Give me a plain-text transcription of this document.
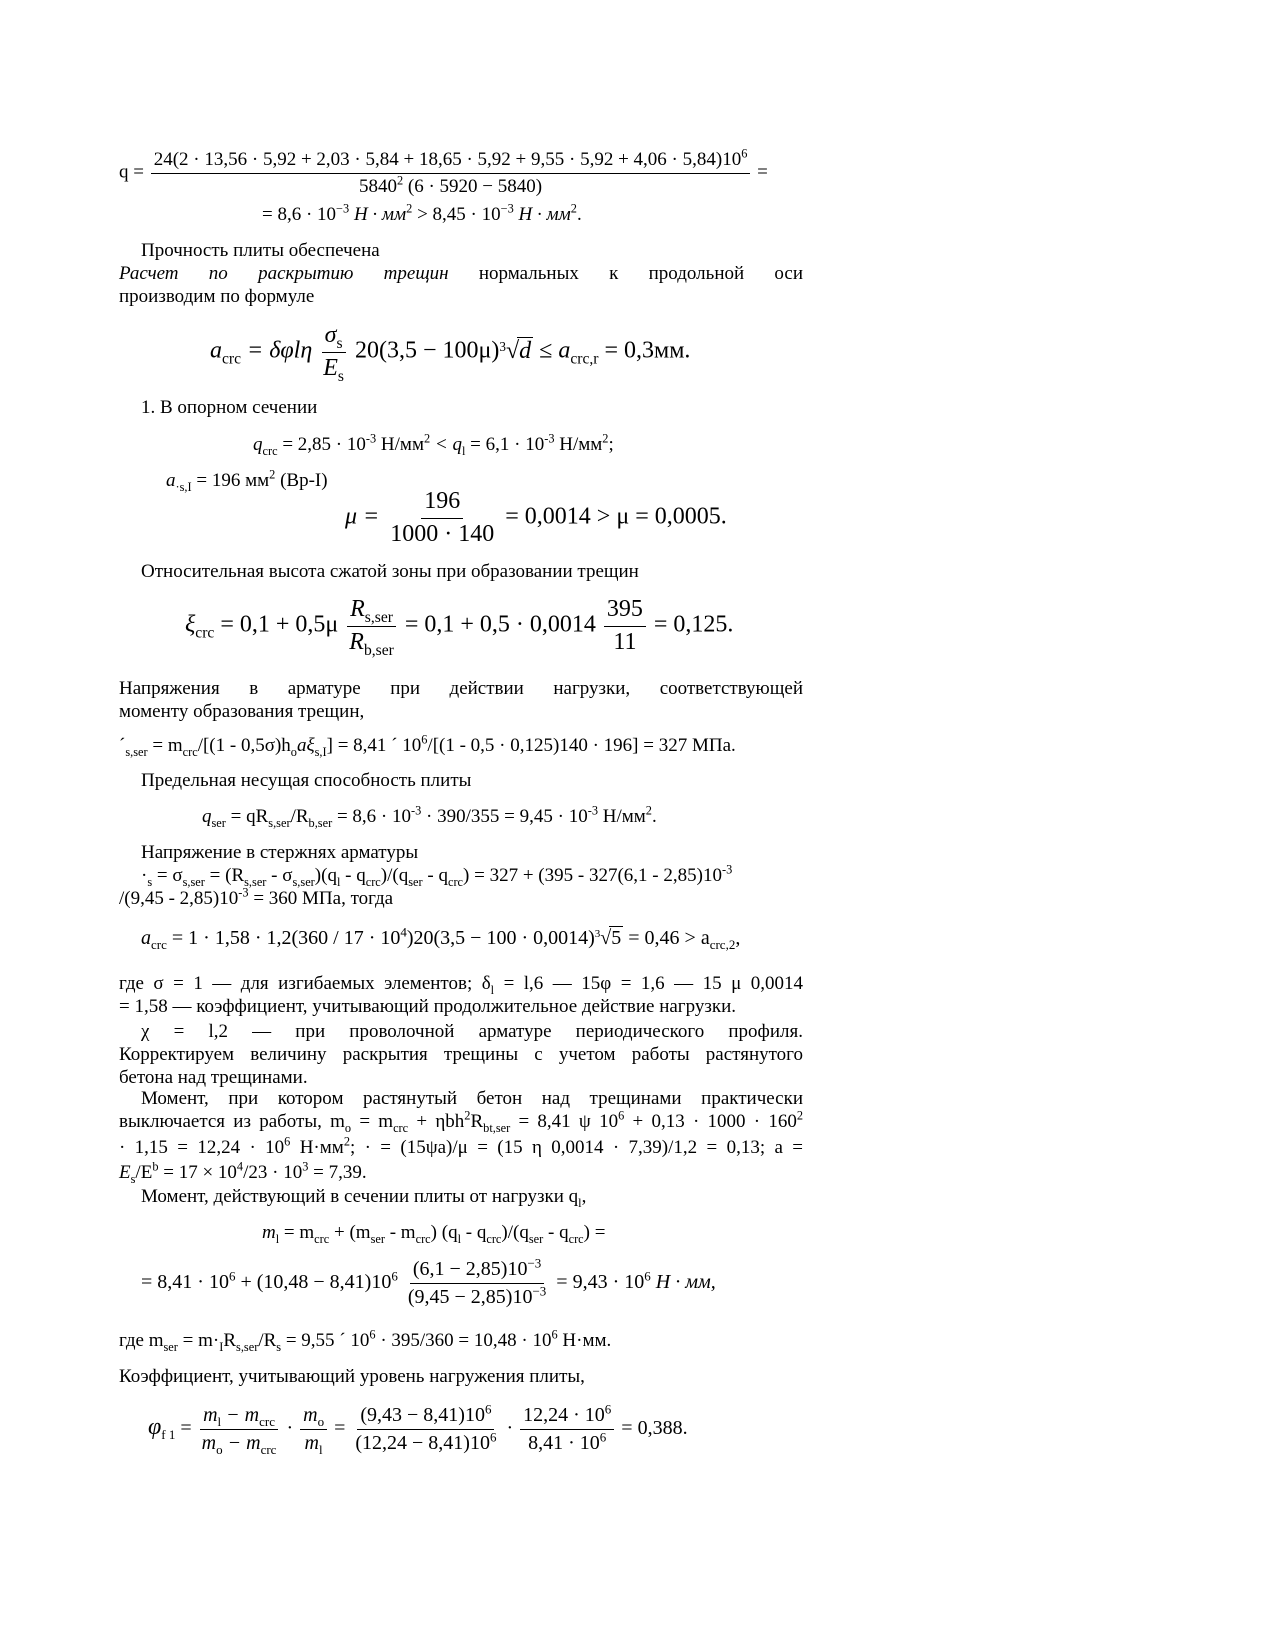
q =
$24(2 \cdot 13,56 \cdot 5,92 + 2,03 \cdot 5,84 + 18,65 \cdot 5,92 + 9,55 \cdot 5,92 + 4,06 \cdot 5,84)10^6$
5840$^2$ (6 · 5920 − 5840)
=
= $8,6 \cdot 10^{-3}$ $Н \cdot мм^2 > 8,45 \cdot 10^{-3}$ $Н \cdot мм^2$.
Прочность плиты обеспечена
Расчет по раскрытию трещин нормальных к продольной оси
производим по формуле
$a_{crc} = \delta\varphi l\eta \frac{\sigma_s}{E_s} 20(3,5 - 100\mu)^3√d \le a_{crc,r} = 0,3мм$.
1. В опорном сечении
$q_{crc} = 2,85 \cdot 10^{-3}$ $Н/мм^2 < q_l = 6,1 \cdot 10^{-3}$ $Н/мм^2$;
$a_{\cdot s,I} = 196$ $мм^2$ (Вр-I)
$\mu = \frac{196}{1000 \cdot 140} = 0,0014 > \mu = 0,0005$.
Относительная высота сжатой зоны при образовании трещин
$\xi_{crc} = 0,1 + 0,5\mu \frac{R_{s,ser}}{R_{b,ser}} = 0,1 + 0,5 \cdot 0,0014 \frac{395}{11} = 0,125$.
Напряжения в арматуре при действии нагрузки, соответствующей
моменту образования трещин,
$´_{s,ser} = m_{crc}/[(1 - 0,5\sigma)h_oa\xi_{s,I}] = 8,41$ ´ $10^6/[(1 - 0,5 \cdot 0,125)140 \cdot 196] = 327$ МПа.
Предельная несущая способность плиты
$q_{ser} = qR_{s,ser}/R_{b,ser} = 8,6 \cdot 10^{-3} \cdot 390/355 = 9,45 \cdot 10^{-3}$ $Н/мм^2$.
Напряжение в стержнях арматуры
$\cdot_s = \sigma_{s,ser} = (R_{s,ser} - \sigma_{s,ser})(q_l - q_{crc})/(q_{ser} - q_{crc}) = 327 + (395 - 327(6,1 - 2,85)10^{-3}$
$/(9,45 - 2,85)10^{-3} = 360$ МПа, тогда
$a_{crc} = 1 \cdot 1,58 \cdot 1,2(360 / 17 \cdot 10^4)20(3,5 - 100 \cdot 0,0014)^3√5 = 0,46 > a_{crc,2}$,
где σ = 1 — для изгибаемых элементов; $\delta_l = l,6$ — 15φ = 1,6 — 15 μ 0,0014
= 1,58 — коэффициент, учитывающий продолжительное действие нагрузки.
χ = l,2 — при проволочной арматуре периодического профиля.
Корректируем величину раскрытия трещины с учетом работы растянутого
бетона над трещинами.
Момент, при котором растянутый бетон над трещинами практически
выключается из работы, $m_o = m_{crc} + \eta bh^2R_{bt,ser} = 8,41$ ψ $10^6 + 0,13 \cdot 1000 \cdot 160^2$
· $1,15 = 12,24 \cdot 10^6$ $Н\cdot мм^2$; · = (15ψa)/μ = (15 η 0,0014 · 7,39)/1,2 = 0,13; a =
$E_s/E^b = 17 \times 10^4/23 \cdot 10^3 = 7,39$.
Момент, действующий в сечении плиты от нагрузки $q_l$,
$m_l = m_{crc} + (m_{ser} - m_{crc})$ $(q_l - q_{crc})/(q_{ser} - q_{crc})$ =
= $8,41 \cdot 10^6 + (10,48 - 8,41)10^6 \frac{(6,1 - 2,85)10^{-3}}{(9,45 - 2,85)10^{-3}} = 9,43 \cdot 10^6$ Н · мм,
где $m_{ser} = m\cdot_IR_{s,ser}/R_s = 9,55$ ´ $10^6 \cdot 395/360 = 10,48 \cdot 10^6$ Н·мм.
Коэффициент, учитывающий уровень нагружения плиты,
$\varphi_{f 1} = \frac{m_l - m_{crc}}{m_o - m_{crc}} \cdot \frac{m_o}{m_l} = \frac{(9,43 - 8,41)10^6}{(12,24 - 8,41)10^6} \cdot \frac{12,24 \cdot 10^6}{8,41 \cdot 10^6} = 0,388$.
